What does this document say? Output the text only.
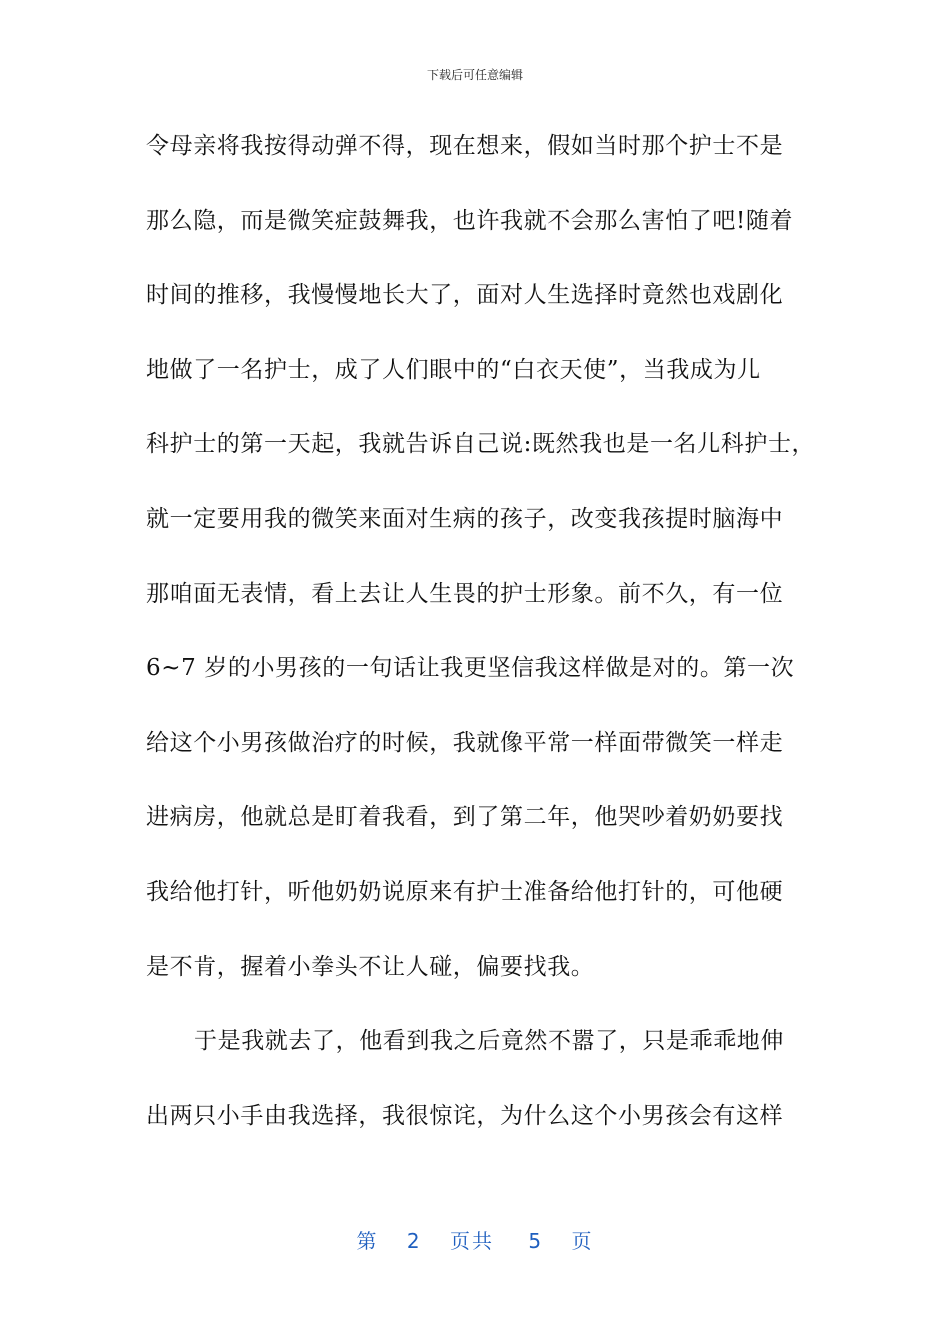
下载后可任意编辑
令母亲将我按得动弹不得，现在想来，假如当时那个护士不是
那么隐，而是微笑症鼓舞我，也许我就不会那么害怕了吧!随着
时间的推移，我慢慢地长大了，面对人生选择时竟然也戏剧化
地做了一名护士，成了人们眼中的“白衣天使”，当我成为儿
科护士的第一天起，我就告诉自己说:既然我也是一名儿科护士，
就一定要用我的微笑来面对生病的孩子，改变我孩提时脑海中
那咱面无表情，看上去让人生畏的护士形象。前不久，有一位
6~7 岁的小男孩的一句话让我更坚信我这样做是对的。第一次
给这个小男孩做治疗的时候，我就像平常一样面带微笑一样走
进病房，他就总是盯着我看，到了第二年，他哭吵着奶奶要找
我给他打针，听他奶奶说原来有护士准备给他打针的，可他硬
是不肯，握着小拳头不让人碰，偏要找我。
于是我就去了，他看到我之后竟然不嚣了，只是乖乖地伸
出两只小手由我选择，我很惊诧，为什么这个小男孩会有这样
第 2 页共 5 页
